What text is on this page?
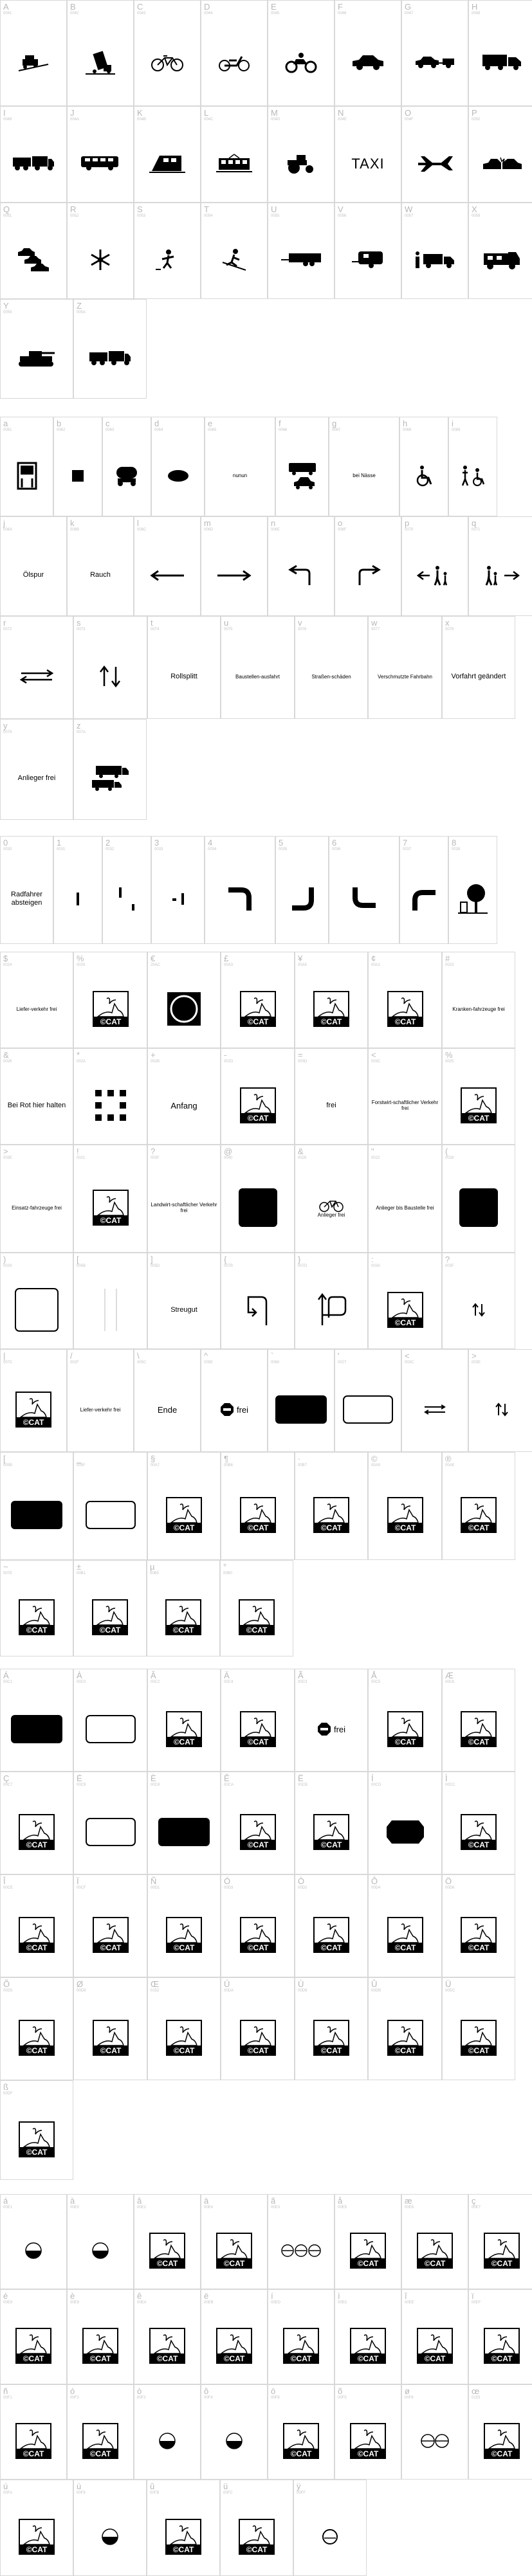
A
0041
B
0042
C
0043
D
0044
E
0045
F
0046
G
0047
H
0048
I
0049
J
004A
K
004B
L
004C
M
004D
N
004E
TAXI
O
004F
P
0050
Q
0051
R
0052
S
0053
T
0054
U
0055
V
0056
W
0057
X
0058
Y
0059
Z
005A
a
0061
b
0062
c
0063
d
0064
e
0065
nunun
f
0066
g
0067
bei Nässe
h
0068
i
0069
j
006A
Ölspur
k
006B
Rauch
l
006C
m
006D
n
006E
o
006F
p
0070
q
0071
r
0072
s
0073
t
0074
Rollsplitt
u
0075
Baustellen-ausfahrt
v
0076
Straßen-schäden
w
0077
Verschmutzte Fahrbahn
x
0078
Vorfahrt geändert
y
0079
Anlieger frei
z
007A
0
0030
Radfahrer absteigen
1
0031
2
0032
3
0033
4
0034
5
0035
6
0036
7
0037
8
0038
$
0024
Liefer-verkehr frei
%
0025
©CAT
€
20AC
£
00A3
©CAT
¥
00A5
©CAT
¢
00A2
©CAT
#
0023
Kranken-fahrzeuge frei
&
0026
Bei Rot hier halten
*
002A
+
002B
Anfang
-
002D
©CAT
=
003D
frei
<
003C
Forstwirt-schaftlicher Verkehr frei
%
0025
©CAT
>
003E
Einsatz-fahrzeuge frei
!
0021
©CAT
?
003F
Landwirt-schaftlicher Verkehr frei
@
0040
&
0026
Anlieger frei
"
0022
Anlieger bis Baustelle frei
(
0028
)
0029
[
005B
]
005D
Streugut
{
007B
}
007D
:
003A
©CAT
?
003F
|
007C
©CAT
/
002F
Liefer-verkehr frei
\
005C
Ende
^
005E
frei
`
0060
'
0027
<
003C
>
003E
[
005B
_
005F
§
00A7
©CAT
¶
00B6
©CAT
·
00B7
©CAT
©
00A9
©CAT
®
00AE
©CAT
~
007E
©CAT
±
00B1
©CAT
µ
00B5
©CAT
°
00B0
©CAT
Á
00C1
À
00C0
Â
00C2
©CAT
Ä
00C4
©CAT
Ã
00C3
frei
Å
00C5
©CAT
Æ
00C6
©CAT
Ç
00C7
©CAT
É
00C9
È
00C8
Ê
00CA
©CAT
Ë
00CB
©CAT
Í
00CD
Ì
00CC
©CAT
Î
00CE
©CAT
Ï
00CF
©CAT
Ñ
00D1
©CAT
Ó
00D3
©CAT
Ò
00D2
©CAT
Ô
00D4
©CAT
Ö
00D6
©CAT
Õ
00D5
©CAT
Ø
00D8
©CAT
Œ
0152
©CAT
Ú
00DA
©CAT
Ù
00D9
©CAT
Û
00DB
©CAT
Ü
00DC
©CAT
ß
00DF
©CAT
á
00E1
à
00E0
â
00E2
©CAT
ä
00E4
©CAT
ã
00E3
å
00E5
©CAT
æ
00E6
©CAT
ç
00E7
©CAT
é
00E9
©CAT
è
00E8
©CAT
ê
00EA
©CAT
ë
00EB
©CAT
í
00ED
©CAT
ì
00EC
©CAT
î
00EE
©CAT
ï
00EF
©CAT
ñ
00F1
©CAT
ó
00F3
©CAT
ò
00F2
ô
00F4
ö
00F6
©CAT
õ
00F5
©CAT
ø
00F8
œ
0153
©CAT
ú
00FA
©CAT
ù
00F9
û
00FB
©CAT
ü
00FC
©CAT
ÿ
00FF
